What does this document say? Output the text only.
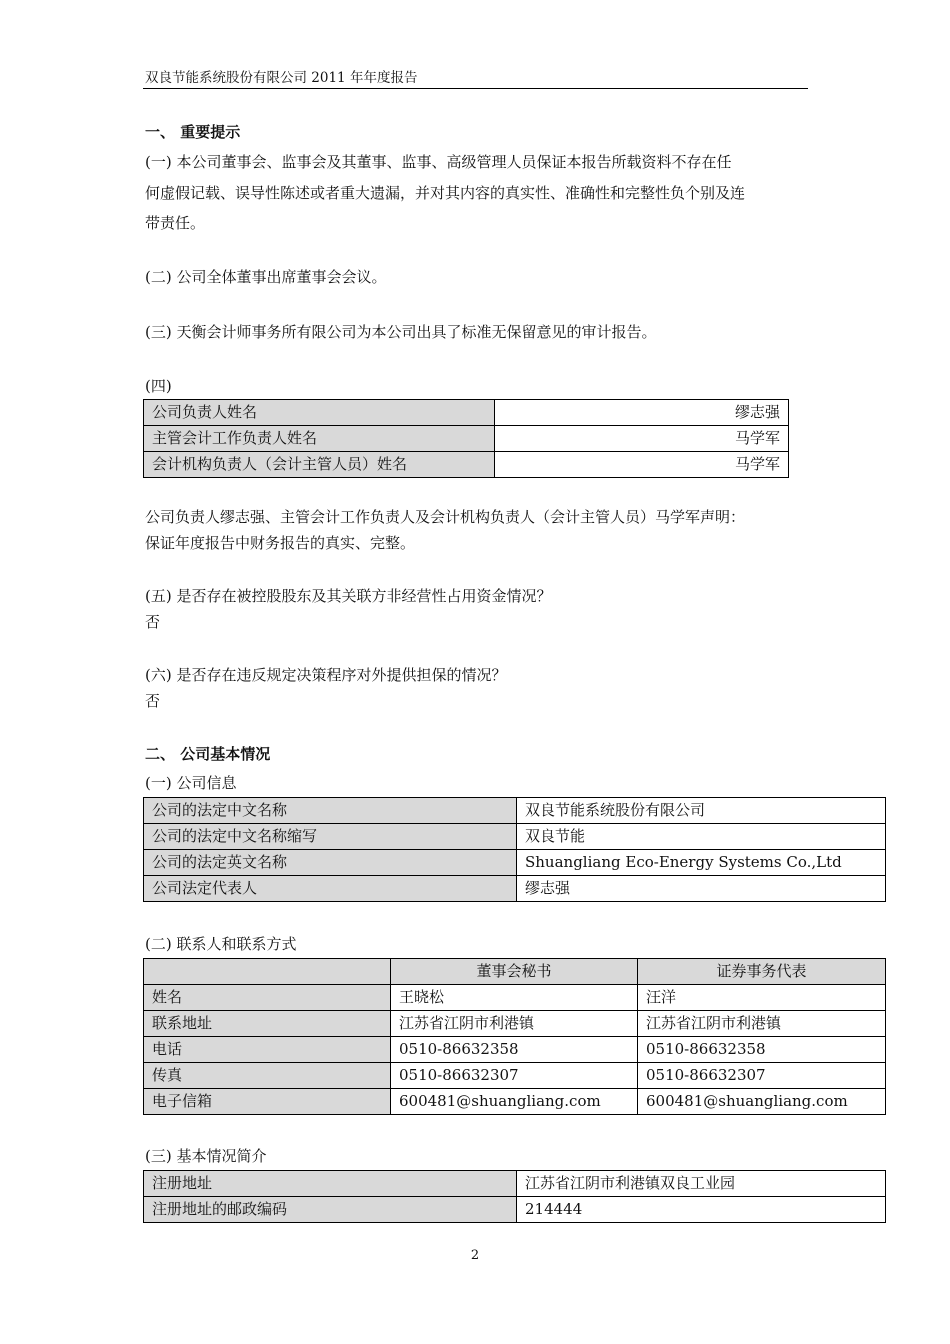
双良节能系统股份有限公司 2011 年年度报告
一、 重要提示
(一) 本公司董事会、监事会及其董事、监事、高级管理人员保证本报告所载资料不存在任
何虚假记载、误导性陈述或者重大遗漏，并对其内容的真实性、准确性和完整性负个别及连
带责任。
(二) 公司全体董事出席董事会会议。
(三) 天衡会计师事务所有限公司为本公司出具了标准无保留意见的审计报告。
(四)
公司负责人姓名	缪志强
主管会计工作负责人姓名	马学军
会计机构负责人（会计主管人员）姓名	马学军
公司负责人缪志强、主管会计工作负责人及会计机构负责人（会计主管人员）马学军声明：
保证年度报告中财务报告的真实、完整。
(五) 是否存在被控股股东及其关联方非经营性占用资金情况？
否
(六) 是否存在违反规定决策程序对外提供担保的情况？
否
二、 公司基本情况
(一) 公司信息
公司的法定中文名称	双良节能系统股份有限公司
公司的法定中文名称缩写	双良节能
公司的法定英文名称	Shuangliang Eco-Energy Systems Co.,Ltd
公司法定代表人	缪志强
(二) 联系人和联系方式
	董事会秘书	证券事务代表
姓名	王晓松	汪洋
联系地址	江苏省江阴市利港镇	江苏省江阴市利港镇
电话	0510-86632358	0510-86632358
传真	0510-86632307	0510-86632307
电子信箱	600481@shuangliang.com	600481@shuangliang.com
(三) 基本情况简介
注册地址	江苏省江阴市利港镇双良工业园
注册地址的邮政编码	214444
2
